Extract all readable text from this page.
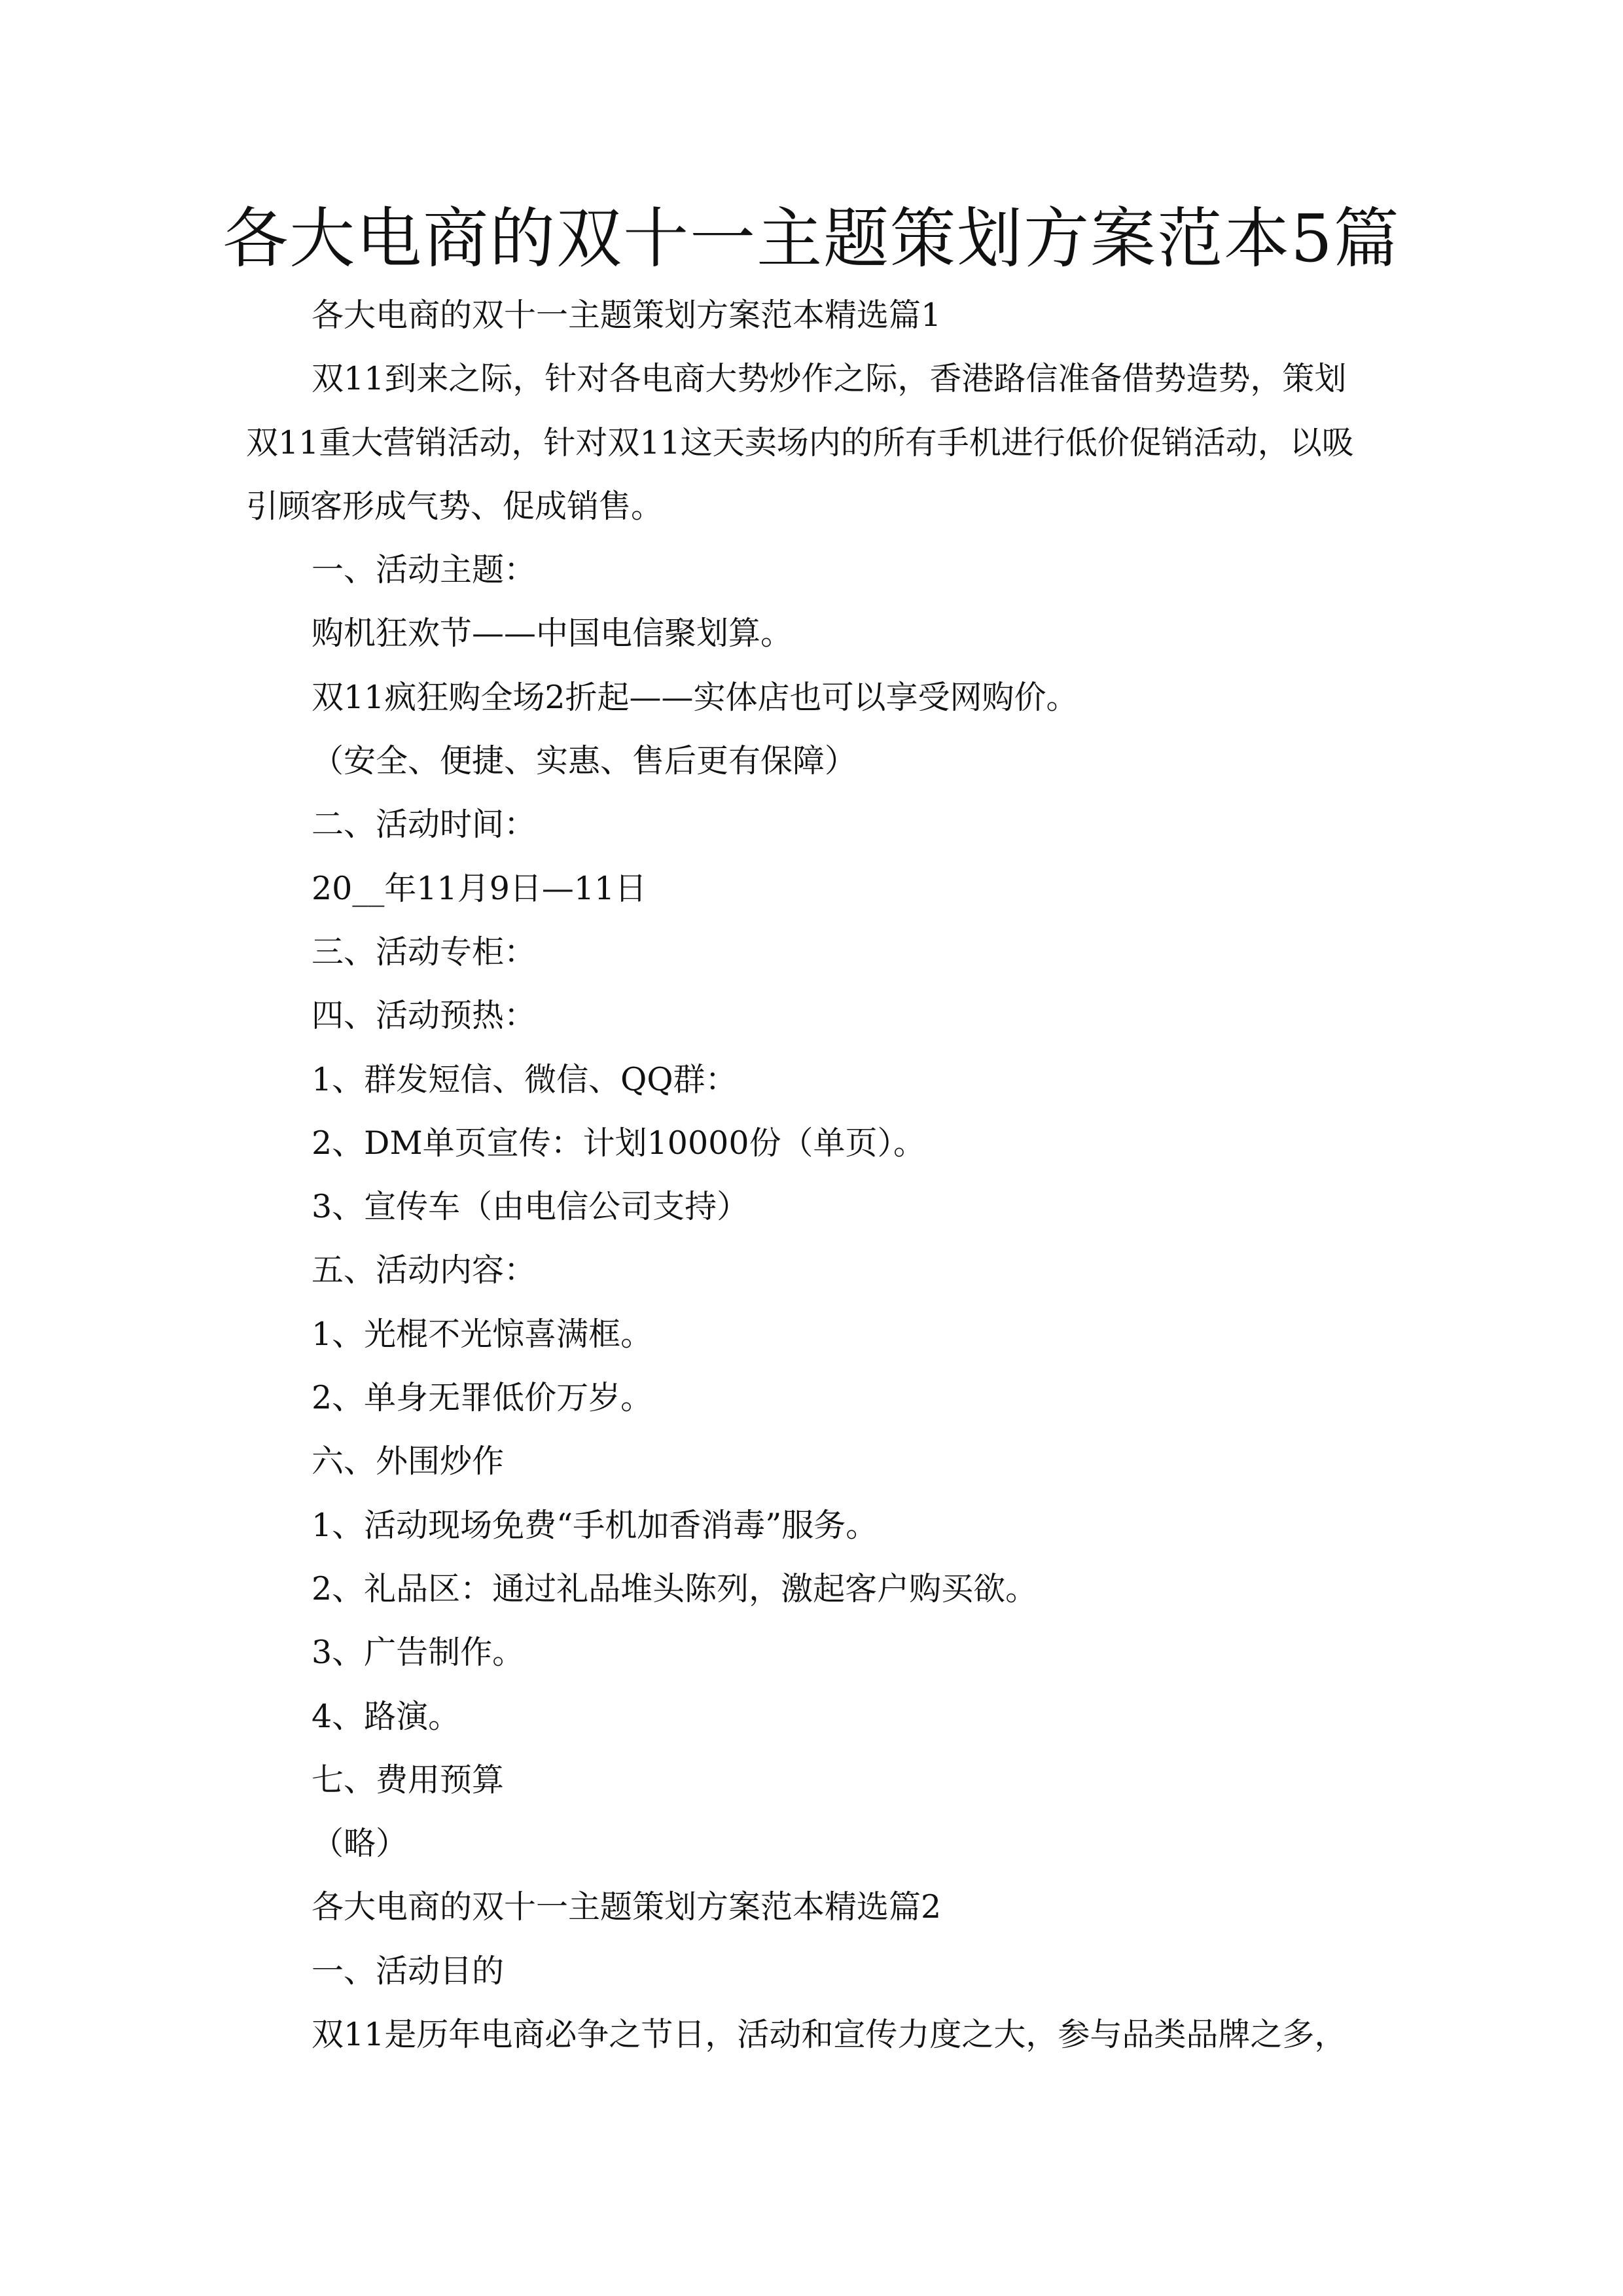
各大电商的双十一主题策划方案范本5篇
各大电商的双十一主题策划方案范本精选篇1
双11到来之际，针对各电商大势炒作之际，香港路信准备借势造势，策划
双11重大营销活动，针对双11这天卖场内的所有手机进行低价促销活动，以吸
引顾客形成气势、促成销售。
一、活动主题：
购机狂欢节——中国电信聚划算。
双11疯狂购全场2折起——实体店也可以享受网购价。
（安全、便捷、实惠、售后更有保障）
二、活动时间：
20__年11月9日—11日
三、活动专柜：
四、活动预热：
1、群发短信、微信、QQ群：
2、DM单页宣传：计划10000份（单页）。
3、宣传车（由电信公司支持）
五、活动内容：
1、光棍不光惊喜满框。
2、单身无罪低价万岁。
六、外围炒作
1、活动现场免费“手机加香消毒”服务。
2、礼品区：通过礼品堆头陈列，激起客户购买欲。
3、广告制作。
4、路演。
七、费用预算
（略）
各大电商的双十一主题策划方案范本精选篇2
一、活动目的
双11是历年电商必争之节日，活动和宣传力度之大，参与品类品牌之多，
